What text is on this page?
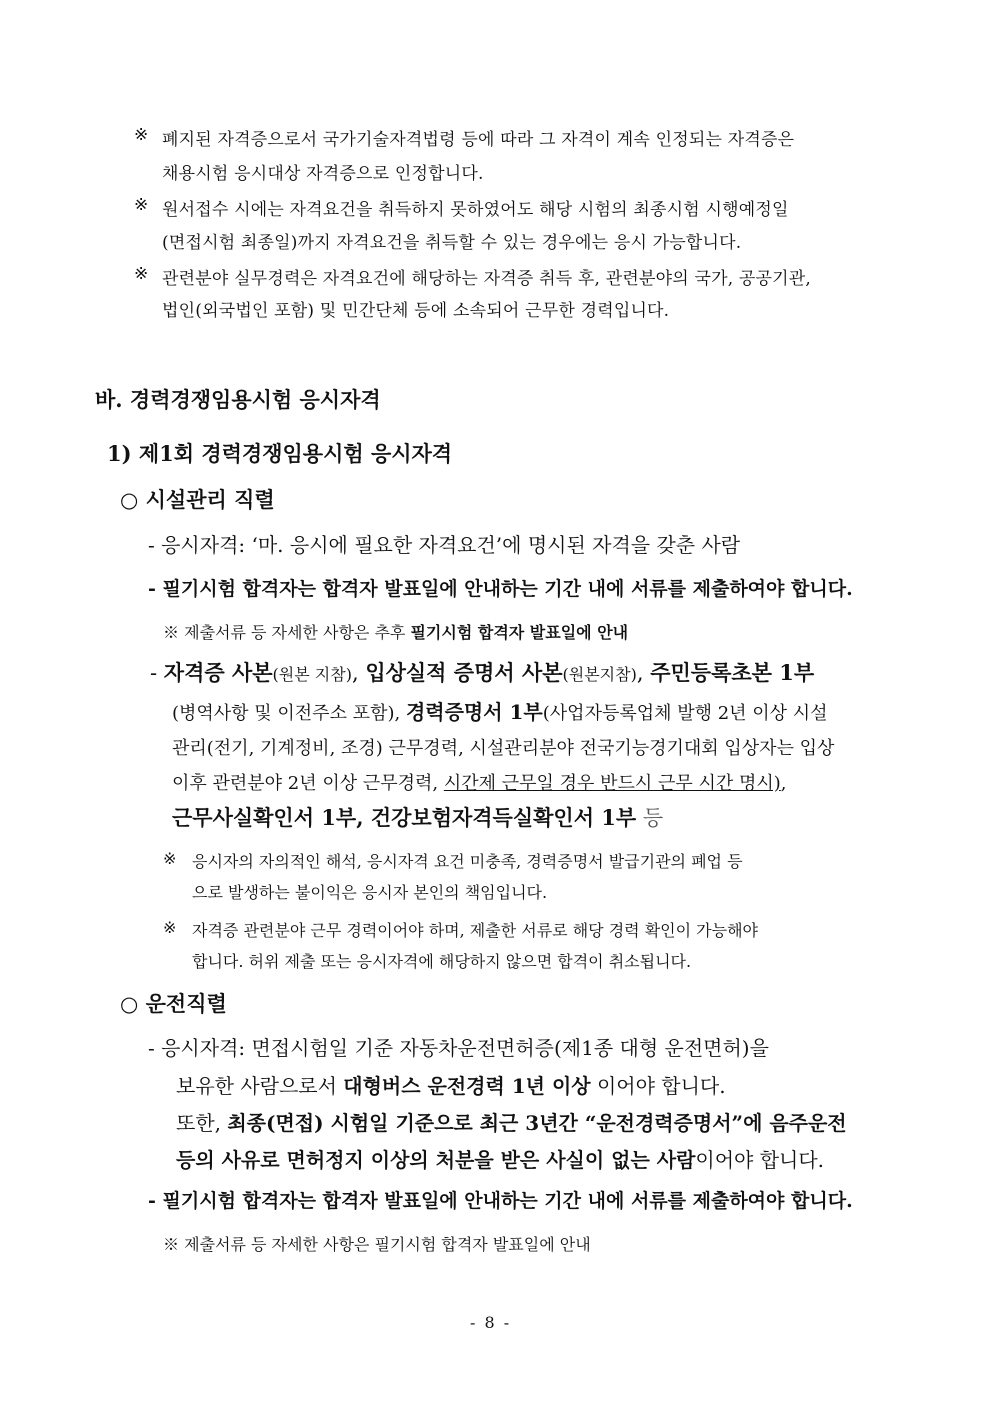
※ 폐지된 자격증으로서 국가기술자격법령 등에 따라 그 자격이 계속 인정되는 자격증은
채용시험 응시대상 자격증으로 인정합니다.
※ 원서접수 시에는 자격요건을 취득하지 못하였어도 해당 시험의 최종시험 시행예정일
(면접시험 최종일)까지 자격요건을 취득할 수 있는 경우에는 응시 가능합니다.
※ 관련분야 실무경력은 자격요건에 해당하는 자격증 취득 후, 관련분야의 국가, 공공기관,
법인(외국법인 포함) 및 민간단체 등에 소속되어 근무한 경력입니다.
바. 경력경쟁임용시험 응시자격
1) 제1회 경력경쟁임용시험 응시자격
○ 시설관리 직렬
- 응시자격: ‘마. 응시에 필요한 자격요건’에 명시된 자격을 갖춘 사람
- 필기시험 합격자는 합격자 발표일에 안내하는 기간 내에 서류를 제출하여야 합니다.
※ 제출서류 등 자세한 사항은 추후 필기시험 합격자 발표일에 안내
- 자격증 사본(원본 지참), 입상실적 증명서 사본(원본지참), 주민등록초본 1부
(병역사항 및 이전주소 포함), 경력증명서 1부(사업자등록업체 발행 2년 이상 시설
관리(전기, 기계정비, 조경) 근무경력, 시설관리분야 전국기능경기대회 입상자는 입상
이후 관련분야 2년 이상 근무경력, 시간제 근무일 경우 반드시 근무 시간 명시),
근무사실확인서 1부, 건강보험자격득실확인서 1부 등
※ 응시자의 자의적인 해석, 응시자격 요건 미충족, 경력증명서 발급기관의 폐업 등
으로 발생하는 불이익은 응시자 본인의 책임입니다.
※ 자격증 관련분야 근무 경력이어야 하며, 제출한 서류로 해당 경력 확인이 가능해야
합니다. 허위 제출 또는 응시자격에 해당하지 않으면 합격이 취소됩니다.
○ 운전직렬
- 응시자격: 면접시험일 기준 자동차운전면허증(제1종 대형 운전면허)을
보유한 사람으로서 대형버스 운전경력 1년 이상 이어야 합니다.
또한, 최종(면접) 시험일 기준으로 최근 3년간 “운전경력증명서”에 음주운전
등의 사유로 면허정지 이상의 처분을 받은 사실이 없는 사람이어야 합니다.
- 필기시험 합격자는 합격자 발표일에 안내하는 기간 내에 서류를 제출하여야 합니다.
※ 제출서류 등 자세한 사항은 필기시험 합격자 발표일에 안내
- 8 -
